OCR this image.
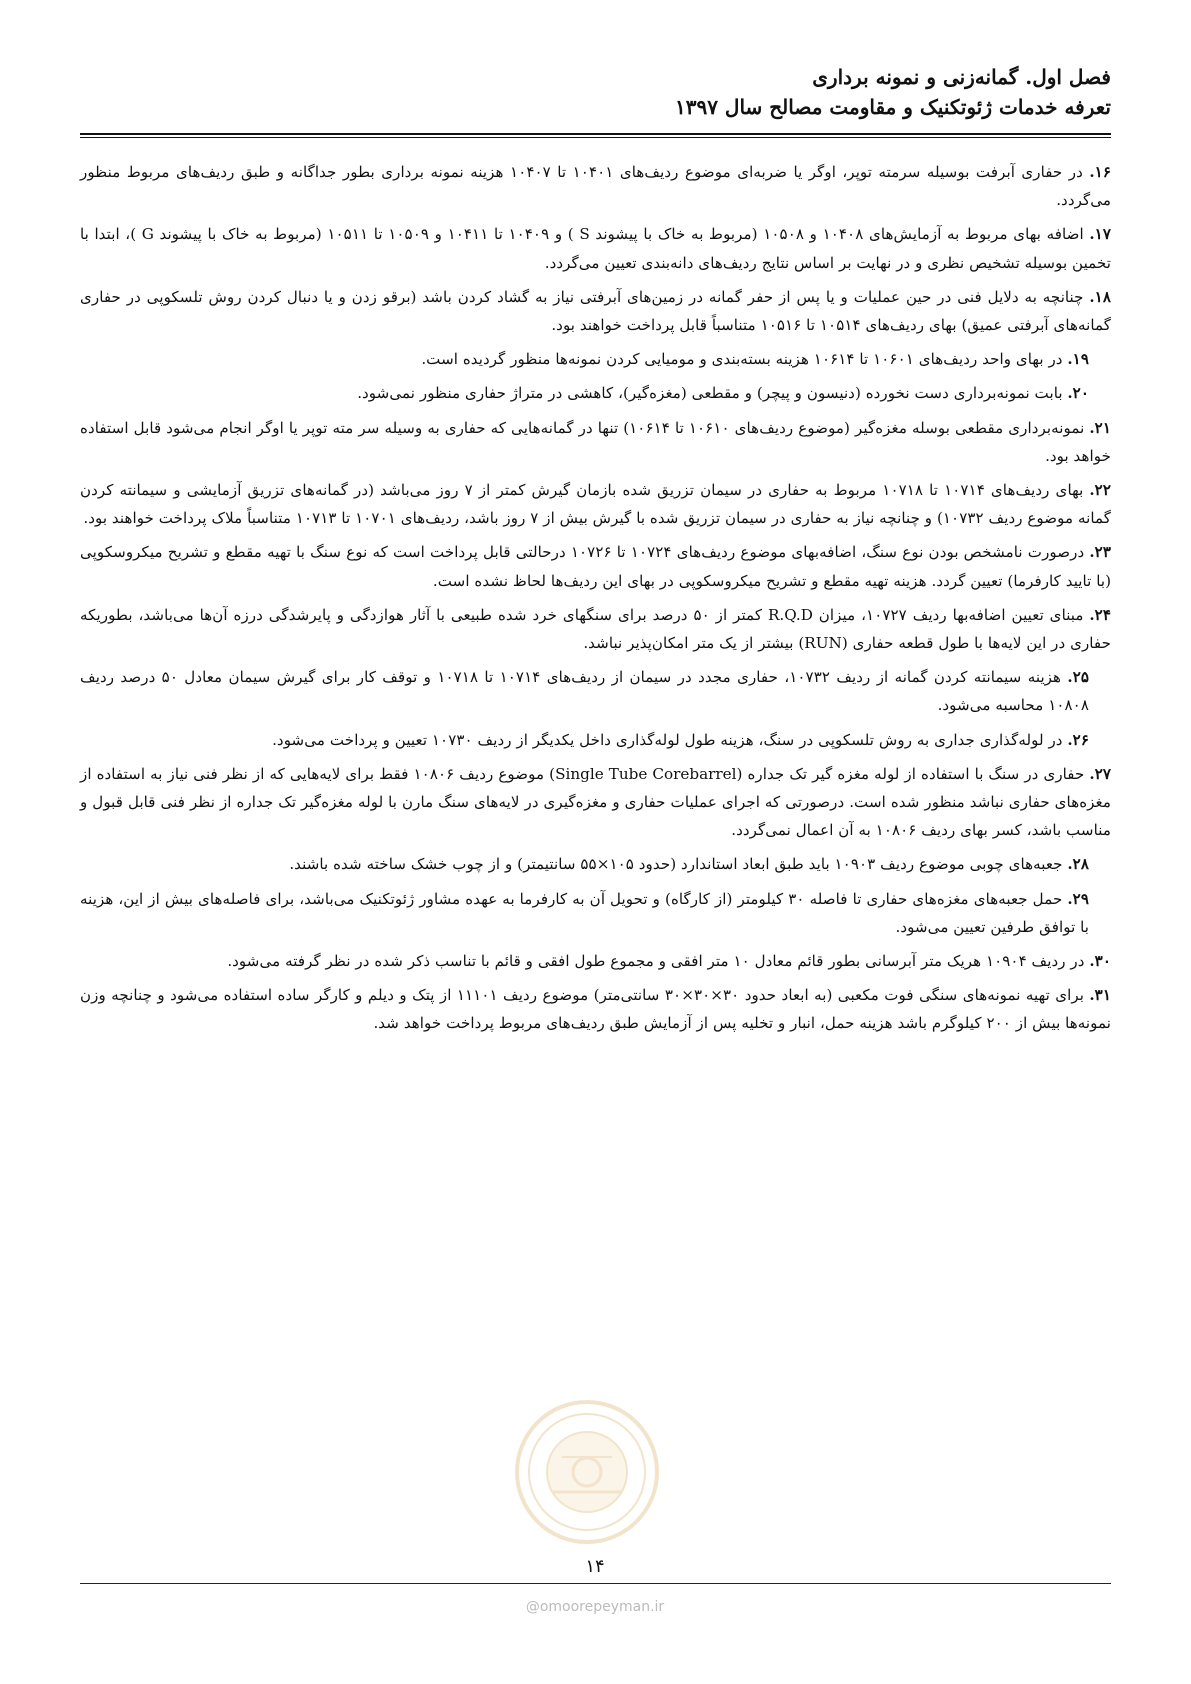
فصل اول. گمانه‌زنی و نمونه برداری
تعرفه خدمات ژئوتکنیک و مقاومت مصالح سال ۱۳۹۷

۱۶. در حفاری آبرفت بوسیله سرمته توپر، اوگر یا ضربه‌ای موضوع ردیف‌های ۱۰۴۰۱ تا ۱۰۴۰۷ هزینه نمونه برداری بطور جداگانه و طبق ردیف‌های مربوط منظور می‌گردد.

۱۷. اضافه بهای مربوط به آزمایش‌های ۱۰۴۰۸ و ۱۰۵۰۸ (مربوط به خاک با پیشوند S ) و ۱۰۴۰۹ تا ۱۰۴۱۱ و ۱۰۵۰۹ تا ۱۰۵۱۱ (مربوط به خاک با پیشوند G )، ابتدا با تخمین بوسیله تشخیص نظری و در نهایت بر اساس نتایج ردیف‌های دانه‌بندی تعیین می‌گردد.

۱۸. چنانچه به دلایل فنی در حین عملیات و یا پس از حفر گمانه در زمین‌های آبرفتی نیاز به گشاد کردن باشد (برقو زدن و یا دنبال کردن روش تلسکوپی در حفاری گمانه‌های آبرفتی عمیق) بهای ردیف‌های ۱۰۵۱۴ تا ۱۰۵۱۶ متناسباً قابل پرداخت خواهند بود.

۱۹. در بهای واحد ردیف‌های ۱۰۶۰۱ تا ۱۰۶۱۴ هزینه بسته‌بندی و مومیایی کردن نمونه‌ها منظور گردیده است.

۲۰. بابت نمونه‌برداری دست نخورده (دنیسون و پیچر) و مقطعی (مغزه‌گیر)، کاهشی در متراژ حفاری منظور نمی‌شود.

۲۱. نمونه‌برداری مقطعی بوسله مغزه‌گیر (موضوع ردیف‌های ۱۰۶۱۰ تا ۱۰۶۱۴) تنها در گمانه‌هایی که حفاری به وسیله سر مته توپر یا اوگر انجام می‌شود قابل استفاده خواهد بود.

۲۲. بهای ردیف‌های ۱۰۷۱۴ تا ۱۰۷۱۸ مربوط به حفاری در سیمان تزریق شده بازمان گیرش کمتر از ۷ روز می‌باشد (در گمانه‌های تزریق آزمایشی و سیمانته کردن گمانه موضوع ردیف ۱۰۷۳۲) و چنانچه نیاز به حفاری در سیمان تزریق شده با گیرش بیش از ۷ روز باشد، ردیف‌های ۱۰۷۰۱ تا ۱۰۷۱۳ متناسباً ملاک پرداخت خواهند بود.

۲۳. درصورت نامشخص بودن نوع سنگ، اضافه‌بهای موضوع ردیف‌های ۱۰۷۲۴ تا ۱۰۷۲۶ درحالتی قابل پرداخت است که نوع سنگ با تهیه مقطع و تشریح میکروسکوپی (با تایید کارفرما) تعیین گردد. هزینه تهیه مقطع و تشریح میکروسکوپی در بهای این ردیف‌ها لحاظ نشده است.

۲۴. مبنای تعیین اضافه‌بها ردیف ۱۰۷۲۷، میزان R.Q.D کمتر از ۵۰ درصد برای سنگهای خرد شده طبیعی با آثار هوازدگی و پایرشدگی درزه آن‌ها می‌باشد، بطوریکه حفاری در این لایه‌ها با طول قطعه حفاری (RUN) بیشتر از یک متر امکان‌پذیر نباشد.

۲۵. هزینه سیمانته کردن گمانه از ردیف ۱۰۷۳۲، حفاری مجدد در سیمان از ردیف‌های ۱۰۷۱۴ تا ۱۰۷۱۸ و توقف کار برای گیرش سیمان معادل ۵۰ درصد ردیف ۱۰۸۰۸ محاسبه می‌شود.

۲۶. در لوله‌گذاری جداری به روش تلسکوپی در سنگ، هزینه طول لوله‌گذاری داخل یکدیگر از ردیف ۱۰۷۳۰ تعیین و پرداخت می‌شود.

۲۷. حفاری در سنگ با استفاده از لوله مغزه گیر تک جداره (Single Tube Corebarrel) موضوع ردیف ۱۰۸۰۶ فقط برای لایه‌هایی که از نظر فنی نیاز به استفاده از مغزه‌های حفاری نباشد منظور شده است. درصورتی که اجرای عملیات حفاری و مغزه‌گیری در لایه‌های سنگ مارن با لوله مغزه‌گیر تک جداره از نظر فنی قابل قبول و مناسب باشد، کسر بهای ردیف ۱۰۸۰۶ به آن اعمال نمی‌گردد.

۲۸. جعبه‌های چوبی موضوع ردیف ۱۰۹۰۳ باید طبق ابعاد استاندارد (حدود ۱۰۵×۵۵ سانتیمتر) و از چوب خشک ساخته شده باشند.

۲۹. حمل جعبه‌های مغزه‌های حفاری تا فاصله ۳۰ کیلومتر (از کارگاه) و تحویل آن به کارفرما به عهده مشاور ژئوتکنیک می‌باشد، برای فاصله‌های بیش از این، هزینه با توافق طرفین تعیین می‌شود.

۳۰. در ردیف ۱۰۹۰۴ هریک متر آبرسانی بطور قائم معادل ۱۰ متر افقی و مجموع طول افقی و قائم با تناسب ذکر شده در نظر گرفته می‌شود.

۳۱. برای تهیه نمونه‌های سنگی فوت مکعبی (به ابعاد حدود ۳۰×۳۰×۳۰ سانتی‌متر) موضوع ردیف ۱۱۱۰۱ از پتک و دیلم و کارگر ساده استفاده می‌شود و چنانچه وزن نمونه‌ها بیش از ۲۰۰ کیلوگرم باشد هزینه حمل، انبار و تخلیه پس از آزمایش طبق ردیف‌های مربوط پرداخت خواهد شد.

۱۴
@omoorepeyman.ir
